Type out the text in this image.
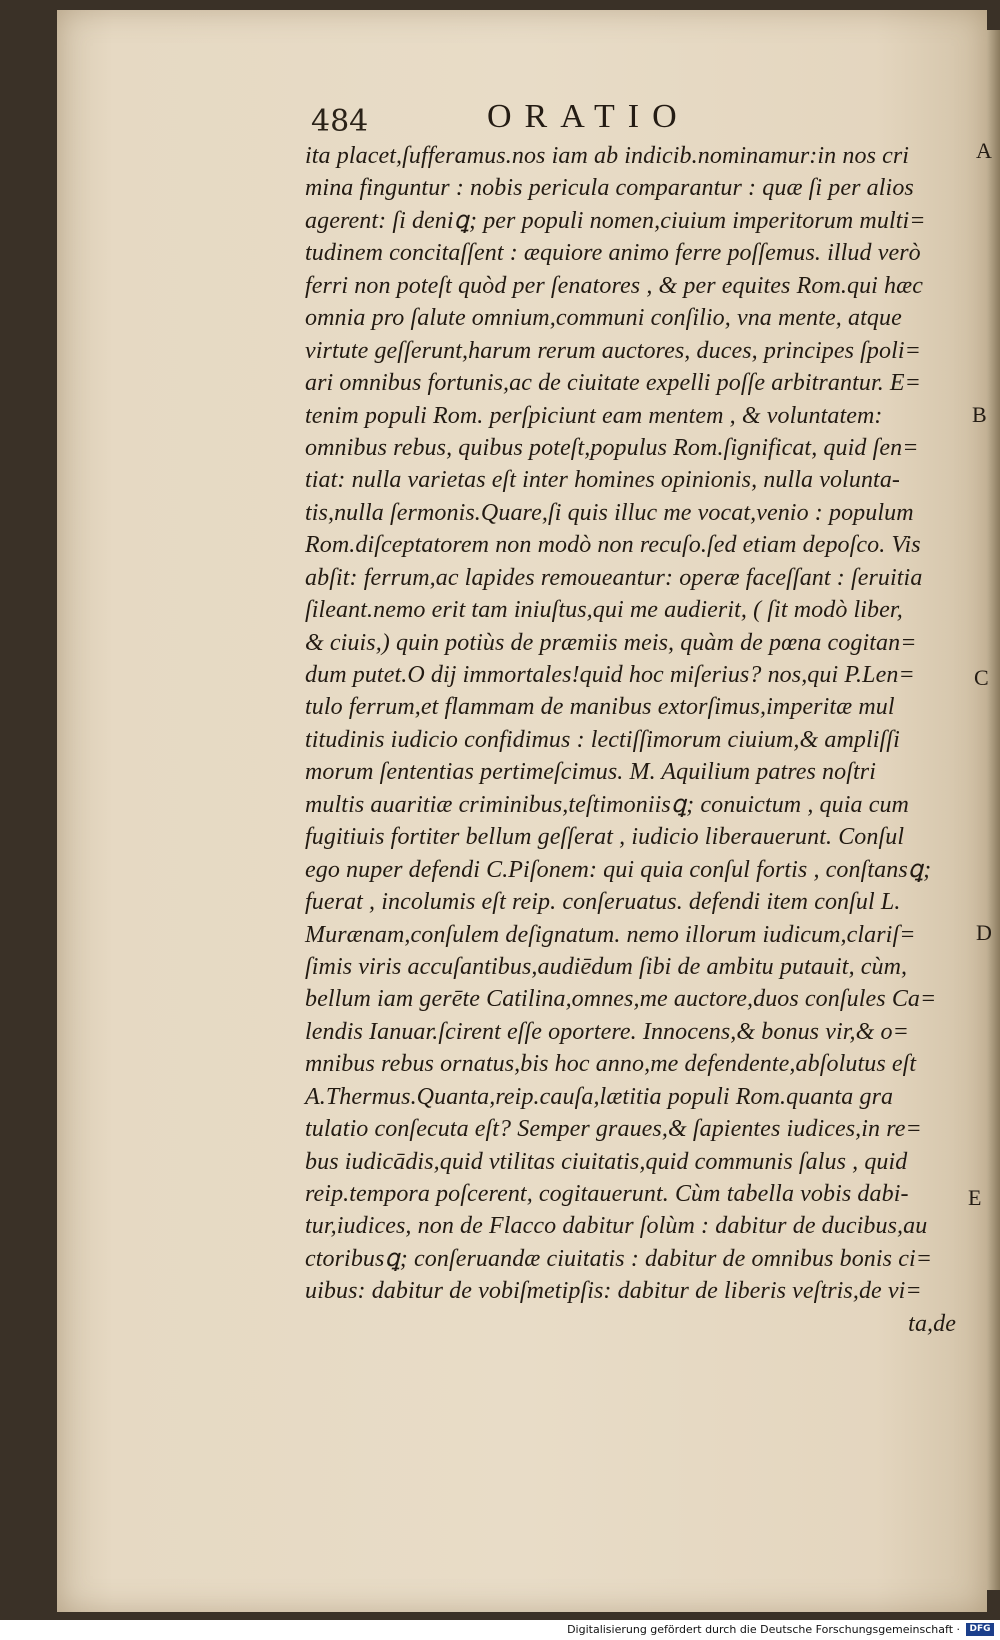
484	ORATIO
ita placet,ſufferamus.nos iam ab indicib.nominamur:in nos cri
mina finguntur : nobis pericula comparantur : quæ ſi per alios
agerent: ſi deniꝗ; per populi nomen,ciuium imperitorum multi=
tudinem concitaſſent : æquiore animo ferre poſſemus. illud verò
ferri non poteſt quòd per ſenatores , & per equites Rom.qui hæc
omnia pro ſalute omnium,communi conſilio, vna mente, atque
virtute geſſerunt,harum rerum auctores, duces, principes ſpoli=
ari omnibus fortunis,ac de ciuitate expelli poſſe arbitrantur. E=
tenim populi Rom. perſpiciunt eam mentem , & voluntatem:
omnibus rebus, quibus poteſt,populus Rom.ſignificat, quid ſen=
tiat: nulla varietas eſt inter homines opinionis, nulla volunta-
tis,nulla ſermonis.Quare,ſi quis illuc me vocat,venio : populum
Rom.diſceptatorem non modò non recuſo.ſed etiam depoſco. Vis
abſit: ferrum,ac lapides remoueantur: operæ faceſſant : ſeruitia
ſileant.nemo erit tam iniuſtus,qui me audierit, ( ſit modò liber,
& ciuis,) quin potiùs de præmiis meis, quàm de pœna cogitan=
dum putet.O dij immortales!quid hoc miſerius? nos,qui P.Len=
tulo ferrum,et flammam de manibus extorſimus,imperitæ mul
titudinis iudicio confidimus : lectiſſimorum ciuium,& ampliſſi
morum ſententias pertimeſcimus. M. Aquilium patres noſtri
multis auaritiæ criminibus,teſtimoniisꝗ; conuictum , quia cum
fugitiuis fortiter bellum geſſerat , iudicio liberauerunt. Conſul
ego nuper defendi C.Piſonem: qui quia conſul fortis , conſtansꝗ;
fuerat , incolumis eſt reip. conſeruatus. defendi item conſul L.
Murænam,conſulem deſignatum. nemo illorum iudicum,clariſ=
ſimis viris accuſantibus,audiēdum ſibi de ambitu putauit, cùm,
bellum iam gerēte Catilina,omnes,me auctore,duos conſules Ca=
lendis Ianuar.ſcirent eſſe oportere. Innocens,& bonus vir,& o=
mnibus rebus ornatus,bis hoc anno,me defendente,abſolutus eſt
A.Thermus.Quanta,reip.cauſa,lætitia populi Rom.quanta gra
tulatio conſecuta eſt? Semper graues,& ſapientes iudices,in re=
bus iudicādis,quid vtilitas ciuitatis,quid communis ſalus , quid
reip.tempora poſcerent, cogitauerunt. Cùm tabella vobis dabi-
tur,iudices, non de Flacco dabitur ſolùm : dabitur de ducibus,au
ctoribusꝗ; conſeruandæ ciuitatis : dabitur de omnibus bonis ci=
uibus: dabitur de vobiſmetipſis: dabitur de liberis veſtris,de vi=
ta,de
A
B
C
D
E
Digitalisierung gefördert durch die Deutsche Forschungsgemeinschaft ·	DFG
